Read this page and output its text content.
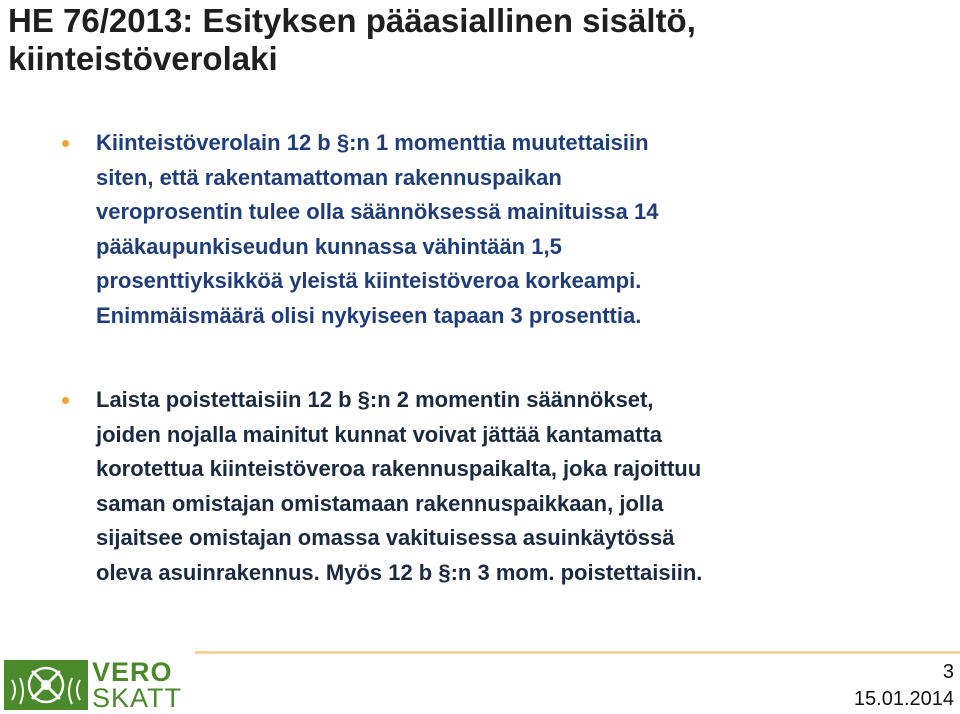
HE 76/2013: Esityksen pääasiallinen sisältö,
kiinteistöverolaki
Kiinteistöverolain 12 b §:n 1 momenttia muutettaisiin
siten, että rakentamattoman rakennuspaikan
veroprosentin tulee olla säännöksessä mainituissa 14
pääkaupunkiseudun kunnassa vähintään 1,5
prosenttiyksikköä yleistä kiinteistöveroa korkeampi.
Enimmäismäärä olisi nykyiseen tapaan 3 prosenttia.
Laista poistettaisiin 12 b §:n 2 momentin säännökset,
joiden nojalla mainitut kunnat voivat jättää kantamatta
korotettua kiinteistöveroa rakennuspaikalta, joka rajoittuu
saman omistajan omistamaan rakennuspaikkaan, jolla
sijaitsee omistajan omassa vakituisessa asuinkäytössä
oleva asuinrakennus. Myös 12 b §:n 3 mom. poistettaisiin.
VERO
SKATT
3
15.01.2014
